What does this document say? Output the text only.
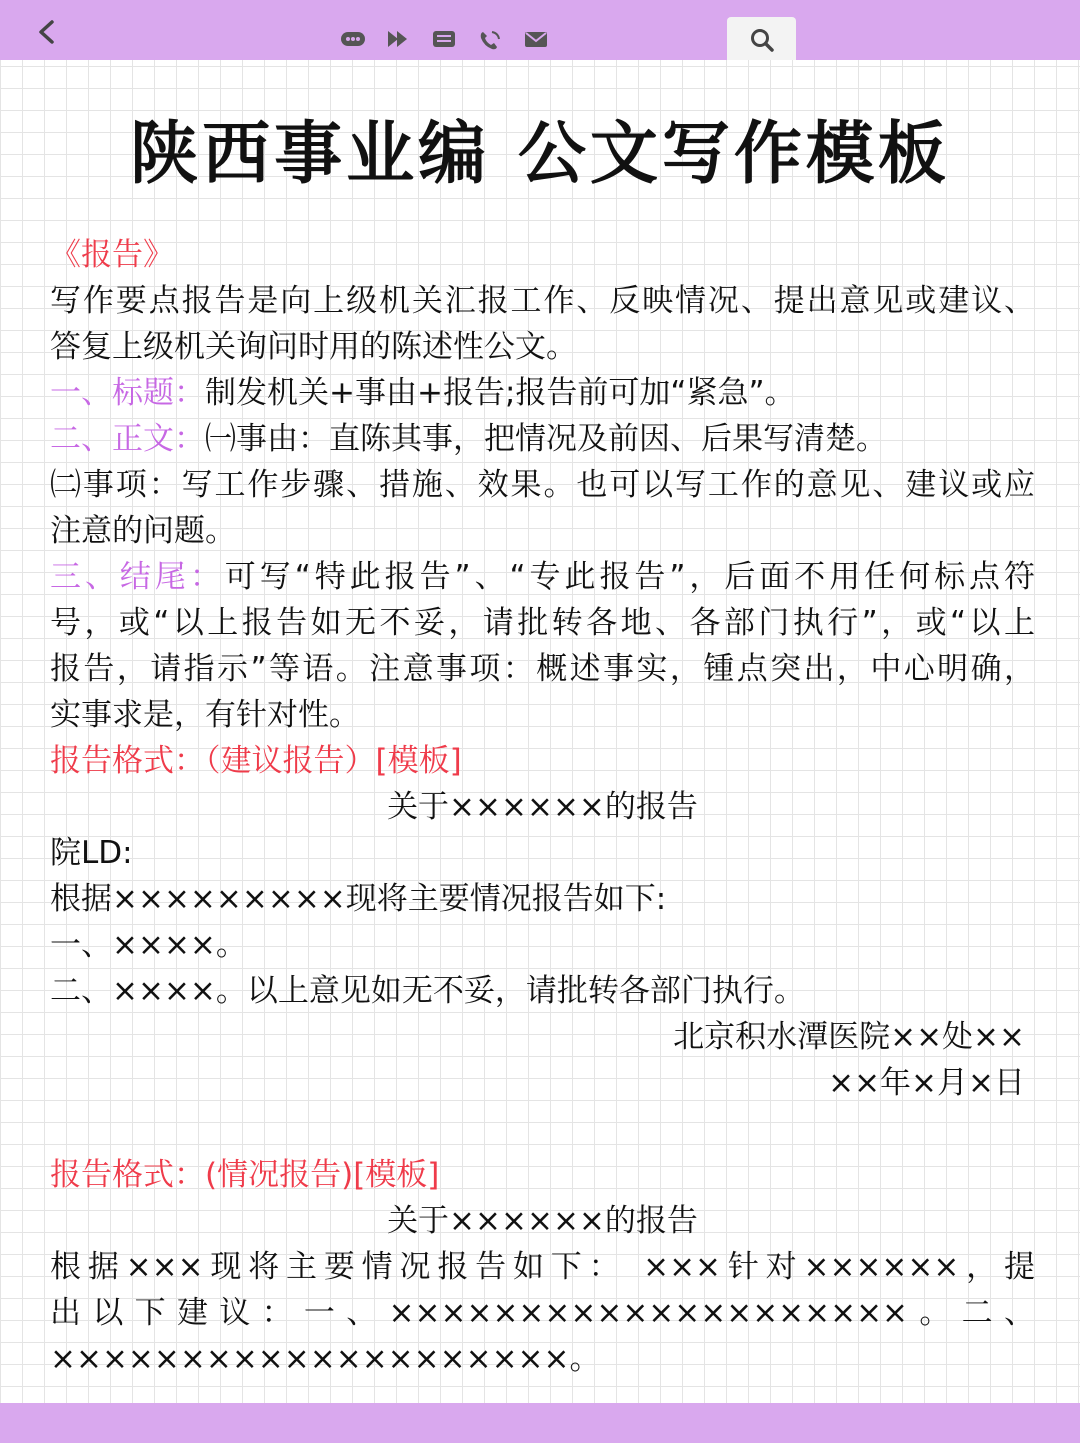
陕西事业编 公文写作模板
《报告》
写作要点报告是向上级机关汇报工作、反映情况、提出意见或建议、
答复上级机关询问时用的陈述性公文。
一、标题：制发机关+事由+报告;报告前可加“紧急”。
二、正文：㈠事由：直陈其事，把情况及前因、后果写清楚。
㈡事项：写工作步骤、措施、效果。也可以写工作的意见、建议或应
注意的问题。
三、结尾：可写“特此报告”、“专此报告”，后面不用任何标点符
号，或“以上报告如无不妥，请批转各地、各部门执行”，或“以上
报告，请指示”等语。注意事项：概述事实，锺点突出，中心明确，
实事求是，有针对性。
报告格式：（建议报告）[模板]
关于××××××的报告
院LD:
根据×××××××××现将主要情况报告如下:
一、××××。
二、××××。以上意见如无不妥，请批转各部门执行。
北京积水潭医院××处××
××年×月×日
报告格式：(情况报告)[模板]
关于××××××的报告
根据×××现将主要情况报告如下： ×××针对××××××，提
出以下建议：一、××××××××××××××××××××。二、
××××××××××××××××××××。
